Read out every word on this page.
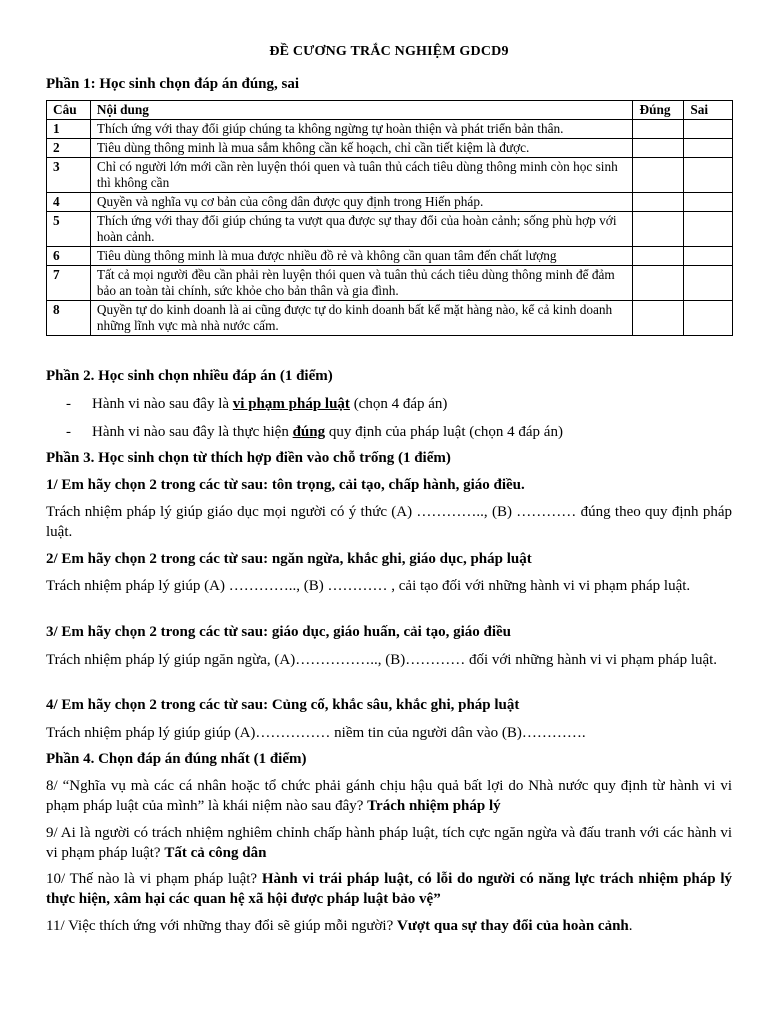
ĐỀ CƯƠNG TRẮC NGHIỆM GDCD9
Phần 1: Học sinh chọn đáp án đúng, sai
Câu	Nội dung	Đúng	Sai
1	Thích ứng với thay đổi giúp chúng ta không ngừng tự hoàn thiện và phát triển bản thân.		
2	Tiêu dùng thông minh là mua sắm không cần kế hoạch, chỉ cần tiết kiệm là được.		
3	Chỉ có người lớn mới cần rèn luyện thói quen và tuân thủ cách tiêu dùng thông minh còn học sinh thì không cần		
4	Quyền và nghĩa vụ cơ bản của công dân được quy định trong Hiến pháp.		
5	Thích ứng với thay đổi giúp chúng ta vượt qua được sự thay đổi của hoàn cảnh; sống phù hợp với hoàn cảnh.		
6	Tiêu dùng thông minh là mua được nhiều đồ rẻ và không cần quan tâm đến chất lượng		
7	Tất cả mọi người đều cần phải rèn luyện thói quen và tuân thủ cách tiêu dùng thông minh để đảm bảo an toàn tài chính, sức khỏe cho bản thân và gia đình.		
8	Quyền tự do kinh doanh là ai cũng được tự do kinh doanh bất kể mặt hàng nào, kể cả kinh doanh những lĩnh vực mà nhà nước cấm.		
Phần 2. Học sinh chọn nhiều đáp án (1 điểm)
- Hành vi nào sau đây là vi phạm pháp luật (chọn 4 đáp án)
- Hành vi nào sau đây là thực hiện đúng quy định của pháp luật (chọn 4 đáp án)
Phần 3. Học sinh chọn từ thích hợp điền vào chỗ trống (1 điểm)
1/ Em hãy chọn 2 trong các từ sau: tôn trọng, cải tạo, chấp hành, giáo điều.
Trách nhiệm pháp lý giúp giáo dục mọi người có ý thức (A) ………….., (B) ………… đúng theo quy định pháp luật.
2/ Em hãy chọn 2 trong các từ sau: ngăn ngừa, khắc ghi, giáo dục, pháp luật
Trách nhiệm pháp lý giúp (A) ………….., (B) ………… , cải tạo đối với những hành vi vi phạm pháp luật.
3/ Em hãy chọn 2 trong các từ sau: giáo dục, giáo huấn, cải tạo, giáo điều
Trách nhiệm pháp lý giúp ngăn ngừa, (A)…………….., (B)………… đối với những hành vi vi phạm pháp luật.
4/ Em hãy chọn 2 trong các từ sau: Củng cố, khắc sâu, khắc ghi, pháp luật
Trách nhiệm pháp lý giúp giúp (A)…………… niềm tin của người dân vào (B)………….
Phần 4. Chọn đáp án đúng nhất (1 điểm)
8/ “Nghĩa vụ mà các cá nhân hoặc tổ chức phải gánh chịu hậu quả bất lợi do Nhà nước quy định từ hành vi vi phạm pháp luật của mình” là khái niệm nào sau đây? Trách nhiệm pháp lý
9/ Ai là người có trách nhiệm nghiêm chỉnh chấp hành pháp luật, tích cực ngăn ngừa và đấu tranh với các hành vi vi phạm pháp luật? Tất cả công dân
10/ Thế nào là vi phạm pháp luật? Hành vi trái pháp luật, có lỗi do người có năng lực trách nhiệm pháp lý thực hiện, xâm hại các quan hệ xã hội được pháp luật bảo vệ”
11/ Việc thích ứng với những thay đổi sẽ giúp mỗi người? Vượt qua sự thay đổi của hoàn cảnh.
